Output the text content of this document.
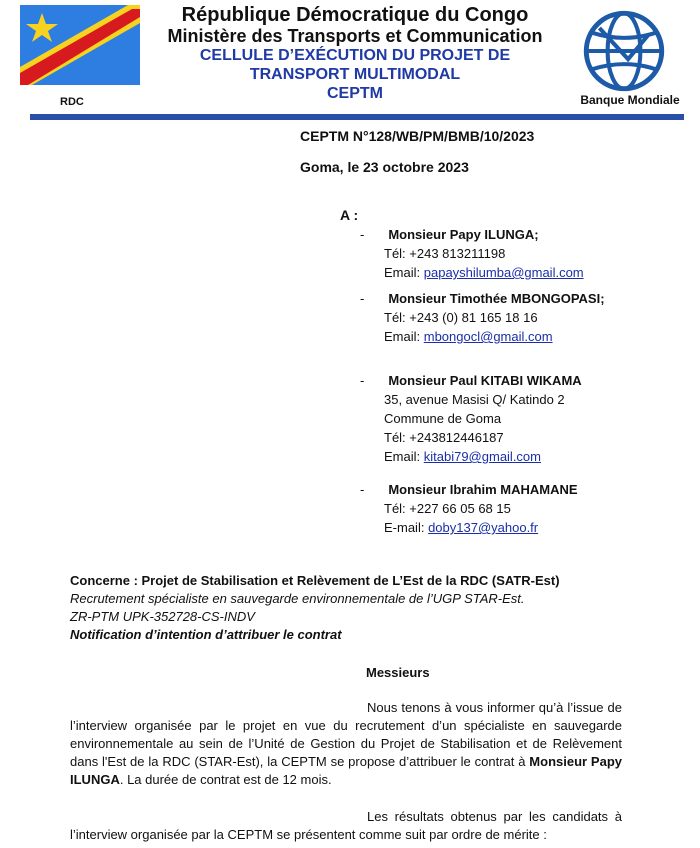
RDC
République Démocratique du Congo
Ministère des Transports et Communication
CELLULE D’EXÉCUTION DU PROJET DE
TRANSPORT MULTIMODAL
CEPTM	Banque Mondiale
CEPTM N°128/WB/PM/BMB/10/2023
Goma, le 23 octobre 2023
A :
- Monsieur Papy ILUNGA;
Tél: +243 813211198
Email: papayshilumba@gmail.com
- Monsieur Timothée MBONGOPASI;
Tél: +243 (0) 81 165 18 16
Email: mbongocl@gmail.com
- Monsieur Paul KITABI WIKAMA
35, avenue Masisi Q/ Katindo 2
Commune de Goma
Tél: +243812446187
Email: kitabi79@gmail.com
- Monsieur Ibrahim MAHAMANE
Tél: +227 66 05 68 15
E-mail: doby137@yahoo.fr
Concerne : Projet de Stabilisation et Relèvement de L’Est de la RDC (SATR-Est)
Recrutement spécialiste en sauvegarde environnementale de l’UGP STAR-Est.
ZR-PTM UPK-352728-CS-INDV
Notification d’intention d’attribuer le contrat
Messieurs
Nous tenons à vous informer qu’à l’issue de l’interview organisée par le projet en vue du recrutement d’un spécialiste en sauvegarde environnementale au sein de l’Unité de Gestion du Projet de Stabilisation et de Relèvement dans l'Est de la RDC (STAR-Est), la CEPTM se propose d’attribuer le contrat à Monsieur Papy ILUNGA. La durée de contrat est de 12 mois.
Les résultats obtenus par les candidats à l’interview organisée par la CEPTM se présentent comme suit par ordre de mérite :
